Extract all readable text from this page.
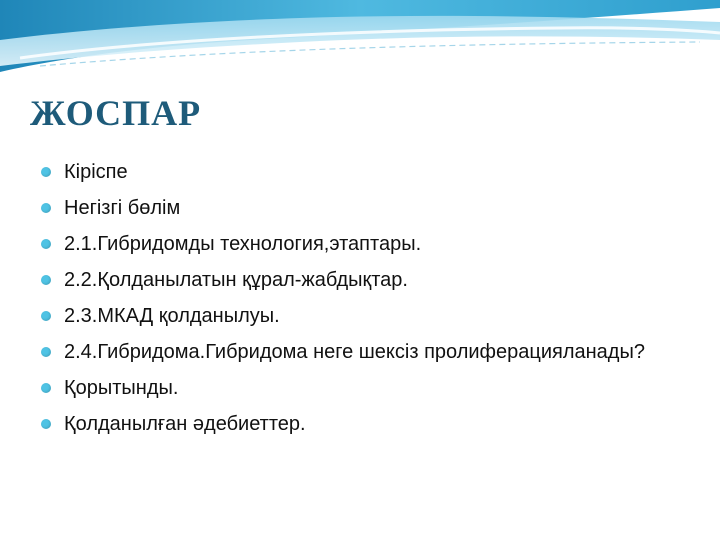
ЖОСПАР
Кіріспе
Негізгі бөлім
2.1.Гибридомды технология,этаптары.
2.2.Қолданылатын құрал-жабдықтар.
2.3.МКАД қолданылуы.
2.4.Гибридома.Гибридома неге шексіз пролиферацияланады?
Қорытынды.
Қолданылған әдебиеттер.
